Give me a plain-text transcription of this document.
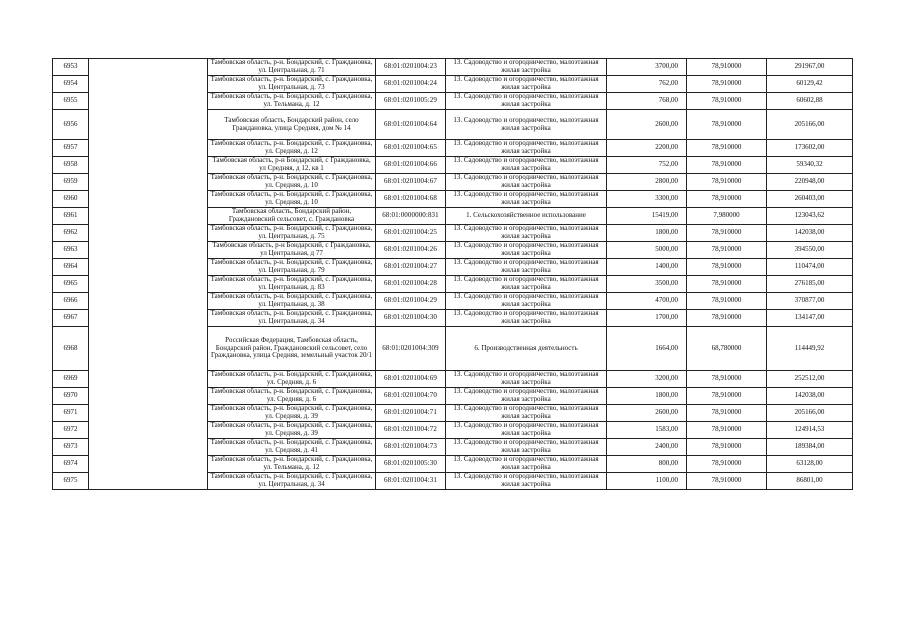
6953		Тамбовская область, р-н. Бондарский, с. Граждановка, ул. Центральная, д. 71	68:01:0201004:23	13. Садоводство и огородничество, малоэтажная жилая застройка	3700,00	78,910000	291967,00
6954		Тамбовская область, р-н. Бондарский, с. Граждановка, ул. Центральная, д. 73	68:01:0201004:24	13. Садоводство и огородничество, малоэтажная жилая застройка	762,00	78,910000	60129,42
6955		Тамбовская область, р-н. Бондарский, с. Граждановка, ул. Тельмана, д. 12	68:01:0201005:29	13. Садоводство и огородничество, малоэтажная жилая застройка	768,00	78,910000	60602,88
6956		Тамбовская область, Бондарский район, село Граждановка, улица Средняя, дом № 14	68:01:0201004:64	13. Садоводство и огородничество, малоэтажная жилая застройка	2600,00	78,910000	205166,00
6957		Тамбовская область, р-н. Бондарский, с. Граждановка, ул. Средняя, д. 12	68:01:0201004:65	13. Садоводство и огородничество, малоэтажная жилая застройка	2200,00	78,910000	173602,00
6958		Тамбовская область, р-н Бондарский, с Граждановка, ул Средняя, д 12, кв 1	68:01:0201004:66	13. Садоводство и огородничество, малоэтажная жилая застройка	752,00	78,910000	59340,32
6959		Тамбовская область, р-н. Бондарский, с. Граждановка, ул. Средняя, д. 10	68:01:0201004:67	13. Садоводство и огородничество, малоэтажная жилая застройка	2800,00	78,910000	220948,00
6960		Тамбовская область, р-н. Бондарский, с. Граждановка, ул. Средняя, д. 10	68:01:0201004:68	13. Садоводство и огородничество, малоэтажная жилая застройка	3300,00	78,910000	260403,00
6961		Тамбовская область, Бондарский район, Граждановский сельсовет, с. Граждановка	68:01:0000000:831	1. Сельскохозяйственное использование	15419,00	7,980000	123043,62
6962		Тамбовская область, р-н. Бондарский, с. Граждановка, ул. Центральная, д. 75	68:01:0201004:25	13. Садоводство и огородничество, малоэтажная жилая застройка	1800,00	78,910000	142038,00
6963		Тамбовская область, р-н Бондарский, с Граждановка, ул Центральная, д 77	68:01:0201004:26	13. Садоводство и огородничество, малоэтажная жилая застройка	5000,00	78,910000	394550,00
6964		Тамбовская область, р-н. Бондарский, с. Граждановка, ул. Центральная, д. 79	68:01:0201004:27	13. Садоводство и огородничество, малоэтажная жилая застройка	1400,00	78,910000	110474,00
6965		Тамбовская область, р-н. Бондарский, с. Граждановка, ул. Центральная, д. 83	68:01:0201004:28	13. Садоводство и огородничество, малоэтажная жилая застройка	3500,00	78,910000	276185,00
6966		Тамбовская область, р-н. Бондарский, с. Граждановка, ул. Центральная, д. 38	68:01:0201004:29	13. Садоводство и огородничество, малоэтажная жилая застройка	4700,00	78,910000	370877,00
6967		Тамбовская область, р-н. Бондарский, с. Граждановка, ул. Центральная, д. 34	68:01:0201004:30	13. Садоводство и огородничество, малоэтажная жилая застройка	1700,00	78,910000	134147,00
6968		Российская Федерация, Тамбовская область, Бондарский район, Граждановский сельсовет, село Граждановка, улица Средняя, земельный участок 20/1	68:01:0201004:309	6. Производственная деятельность	1664,00	68,780000	114449,92
6969		Тамбовская область, р-н. Бондарский, с. Граждановка, ул. Средняя, д. 6	68:01:0201004:69	13. Садоводство и огородничество, малоэтажная жилая застройка	3200,00	78,910000	252512,00
6970		Тамбовская область, р-н. Бондарский, с. Граждановка, ул. Средняя, д. 6	68:01:0201004:70	13. Садоводство и огородничество, малоэтажная жилая застройка	1800,00	78,910000	142038,00
6971		Тамбовская область, р-н. Бондарский, с. Граждановка, ул. Средняя, д. 39	68:01:0201004:71	13. Садоводство и огородничество, малоэтажная жилая застройка	2600,00	78,910000	205166,00
6972		Тамбовская область, р-н. Бондарский, с. Граждановка, ул. Средняя, д. 39	68:01:0201004:72	13. Садоводство и огородничество, малоэтажная жилая застройка	1583,00	78,910000	124914,53
6973		Тамбовская область, р-н. Бондарский, с. Граждановка, ул. Средняя, д. 41	68:01:0201004:73	13. Садоводство и огородничество, малоэтажная жилая застройка	2400,00	78,910000	189384,00
6974		Тамбовская область, р-н. Бондарский, с. Граждановка, ул. Тельмана, д. 12	68:01:0201005:30	13. Садоводство и огородничество, малоэтажная жилая застройка	800,00	78,910000	63128,00
6975		Тамбовская область, р-н. Бондарский, с. Граждановка, ул. Центральная, д. 34	68:01:0201004:31	13. Садоводство и огородничество, малоэтажная жилая застройка	1100,00	78,910000	86801,00
